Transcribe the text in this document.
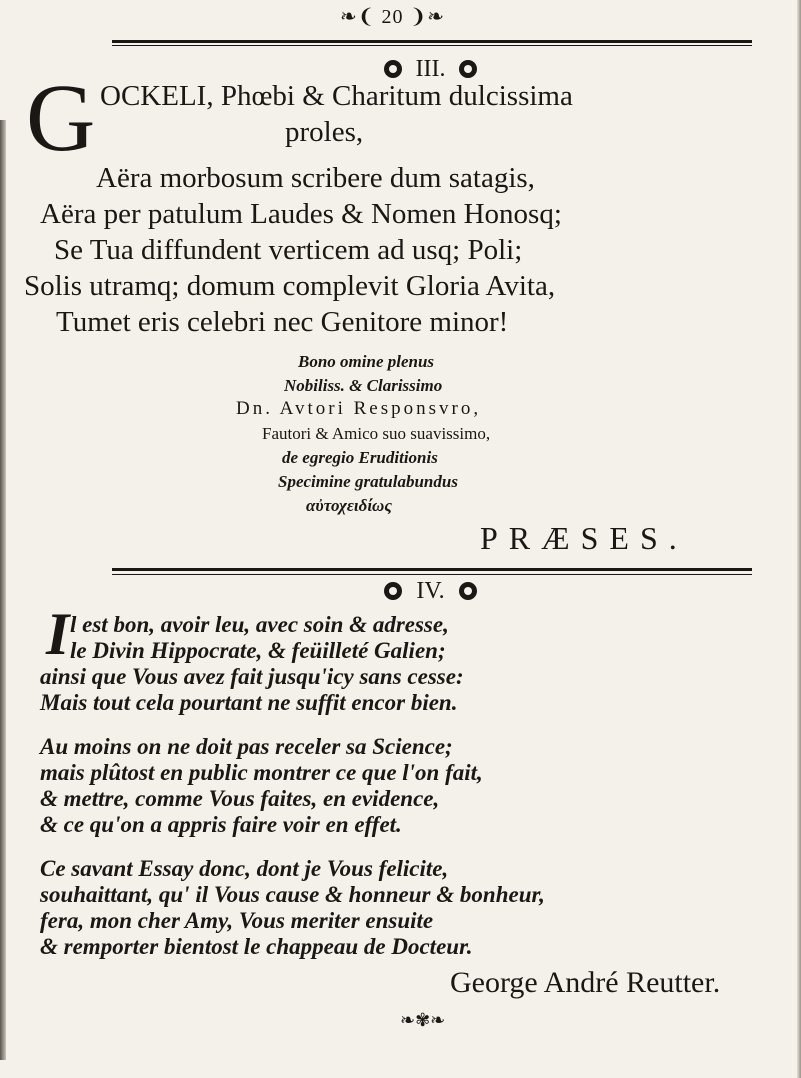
❧❨ 20 ❩❧
III.
G OCKELI, Phœbi & Charitum dulcissima
proles,
Aëra morbosum scribere dum satagis,
Aëra per patulum Laudes & Nomen Honosq;
Se Tua diffundent verticem ad usq; Poli;
Solis utramq; domum complevit Gloria Avita,
Tumet eris celebri nec Genitore minor!
Bono omine plenus
Nobiliss. & Clarissimo
Dn. Avtori Responsvro,
Fautori & Amico suo suavissimo,
de egregio Eruditionis
Specimine gratulabundus
αὐτοχειδίως
PRÆSES.
IV.
I l est bon, avoir leu, avec soin & adresse,
le Divin Hippocrate, & feüilleté Galien;
ainsi que Vous avez fait jusqu'icy sans cesse:
Mais tout cela pourtant ne suffit encor bien.
Au moins on ne doit pas receler sa Science;
mais plûtost en public montrer ce que l'on fait,
& mettre, comme Vous faites, en evidence,
& ce qu'on a appris faire voir en effet.
Ce savant Essay donc, dont je Vous felicite,
souhaittant, qu' il Vous cause & honneur & bonheur,
fera, mon cher Amy, Vous meriter ensuite
& remporter bientost le chappeau de Docteur.
George André Reutter.
❧✾❧
